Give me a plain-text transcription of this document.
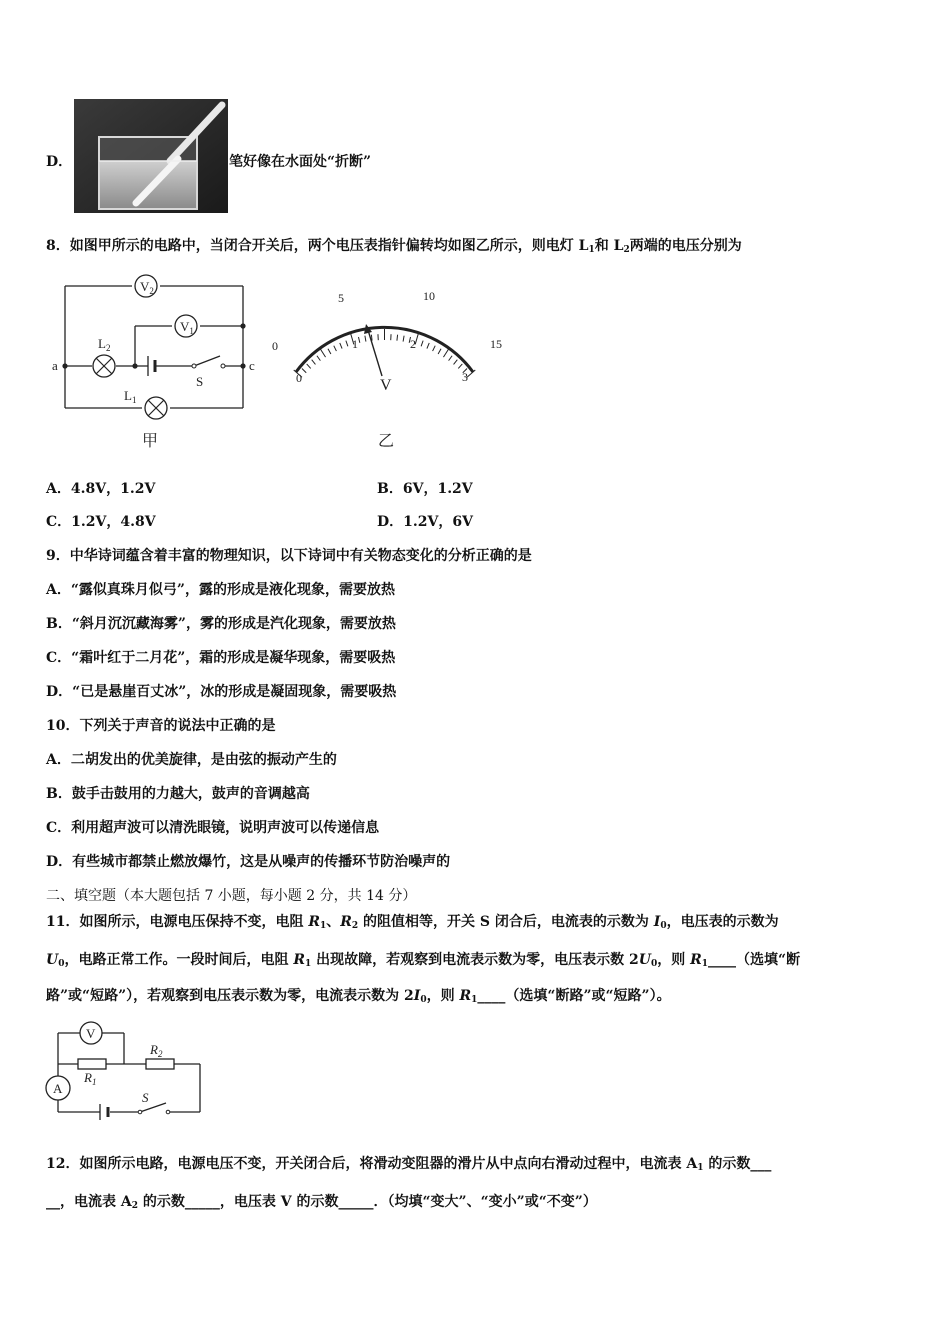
D．	笔好像在水面处“折断”
8．如图甲所示的电路中，当闭合开关后，两个电压表指针偏转均如图乙所示，则电灯 $L_1$和 $L_2$两端的电压分别为
$V_2$
$V_1$
$L_2$
$L_1$
a	c
S
甲
0
5	10
15
0
1	2
3
V
乙
A．4.8V，1.2V	B．6V，1.2V
C．1.2V，4.8V	D．1.2V，6V
9．中华诗词蕴含着丰富的物理知识，以下诗词中有关物态变化的分析正确的是
A．“露似真珠月似弓”，露的形成是液化现象，需要放热
B．“斜月沉沉藏海雾”，雾的形成是汽化现象，需要放热
C．“霜叶红于二月花”，霜的形成是凝华现象，需要吸热
D．“已是悬崖百丈冰”，冰的形成是凝固现象，需要吸热
10．下列关于声音的说法中正确的是
A．二胡发出的优美旋律，是由弦的振动产生的
B．鼓手击鼓用的力越大，鼓声的音调越高
C．利用超声波可以清洗眼镜，说明声波可以传递信息
D．有些城市都禁止燃放爆竹，这是从噪声的传播环节防治噪声的
二、填空题（本大题包括 7 小题，每小题 2 分，共 14 分）
11．如图所示，电源电压保持不变，电阻 $R_1$、$R_2$ 的阻值相等，开关 S 闭合后，电流表的示数为 $I_0$，电压表的示数为
$U_0$，电路正常工作。一段时间后，电阻 $R_1$ 出现故障，若观察到电流表示数为零，电压表示数 $2U_0$，则 $R_1\_\_\_\_$（选填“断
路”或“短路”），若观察到电压表示数为零，电流表示数为 $2I_0$，则 $R_1\_\_\_\_$（选填“断路”或“短路”）。
V
A
$R_1$
$R_2$
S
12．如图所示电路，电源电压不变，开关闭合后，将滑动变阻器的滑片从中点向右滑动过程中，电流表 $A_1$ 的示数___
__，电流表 $A_2$ 的示数_____，电压表 V 的示数_____．（均填“变大”、“变小”或“不变”）
